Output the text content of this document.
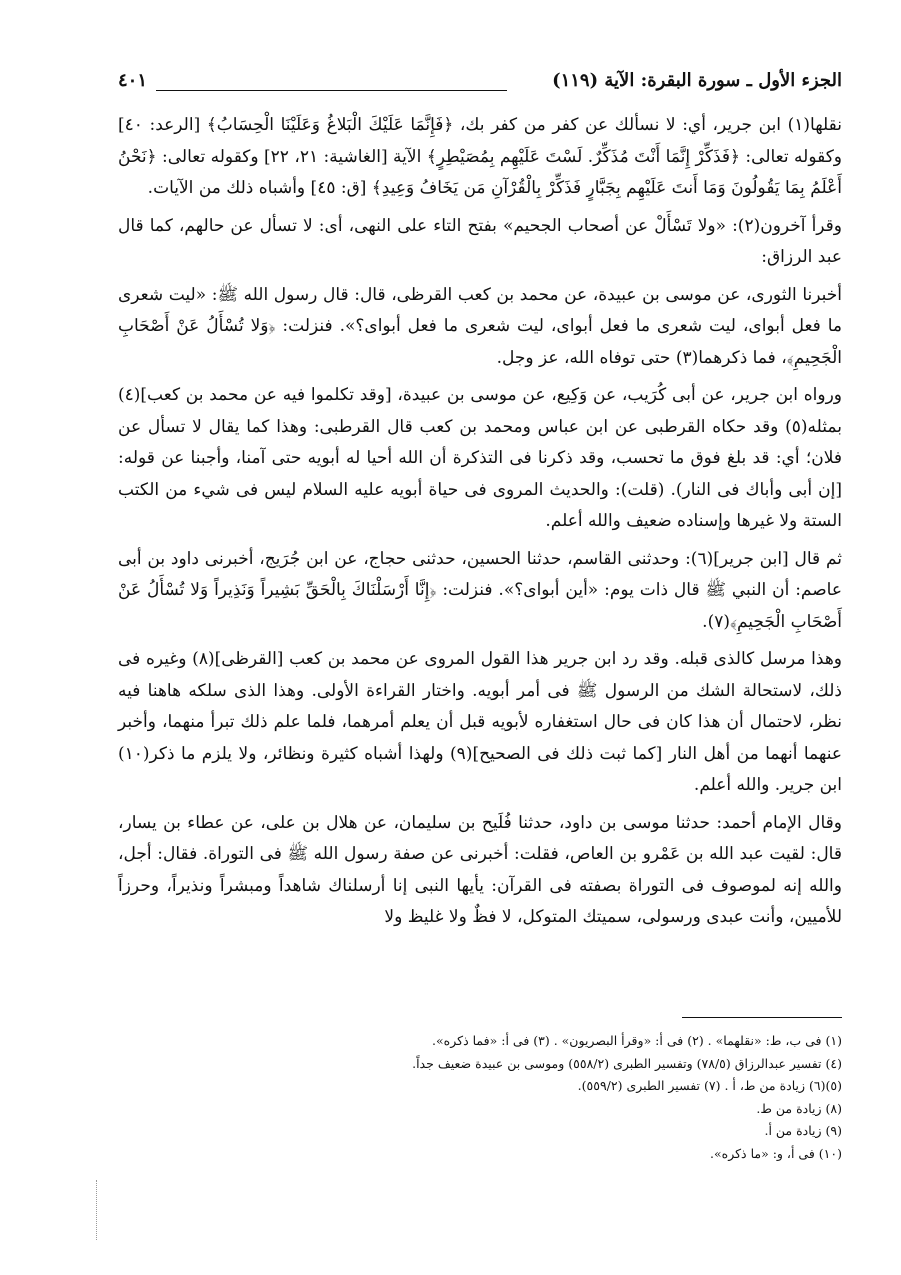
الجزء الأول ـ سورة البقرة: الآية (١١٩)
٤٠١

نقلها(١) ابن جرير، أي: لا نسألك عن كفر من كفر بك، ﴿فَإِنَّمَا عَلَيْكَ الْبَلاغُ وَعَلَيْنَا الْحِسَابُ﴾ [الرعد: ٤٠] وكقوله تعالى: ﴿فَذَكِّرْ إِنَّمَا أَنْتَ مُذَكِّرٌ. لَسْتَ عَلَيْهِم بِمُصَيْطِرٍ﴾ الآية [الغاشية: ٢١، ٢٢] وكقوله تعالى: ﴿نَحْنُ أَعْلَمُ بِمَا يَقُولُونَ وَمَا أَنتَ عَلَيْهِم بِجَبَّارٍ فَذَكِّرْ بِالْقُرْآنِ مَن يَخَافُ وَعِيدِ﴾ [ق: ٤٥] وأشباه ذلك من الآيات.

وقرأ آخرون(٢): «ولا تَسْأَلْ عن أصحاب الجحيم» بفتح التاء على النهى، أى: لا تسأل عن حالهم، كما قال عبد الرزاق:

أخبرنا الثورى، عن موسى بن عبيدة، عن محمد بن كعب القرظى، قال: قال رسول الله ﷺ: «ليت شعرى ما فعل أبواى، ليت شعرى ما فعل أبواى، ليت شعرى ما فعل أبواى؟». فنزلت: ﴿وَلا تُسْأَلُ عَنْ أَصْحَابِ الْجَحِيمِ﴾، فما ذكرهما(٣) حتى توفاه الله، عز وجل.

ورواه ابن جرير، عن أبى كُرَيب، عن وَكِيع، عن موسى بن عبيدة، [وقد تكلموا فيه عن محمد بن كعب](٤) بمثله(٥) وقد حكاه القرطبى عن ابن عباس ومحمد بن كعب قال القرطبى: وهذا كما يقال لا تسأل عن فلان؛ أي: قد بلغ فوق ما تحسب، وقد ذكرنا فى التذكرة أن الله أحيا له أبويه حتى آمنا، وأجبنا عن قوله: [إن أبى وأباك فى النار). (قلت): والحديث المروى فى حياة أبويه عليه السلام ليس فى شيء من الكتب الستة ولا غيرها وإسناده ضعيف والله أعلم.

ثم قال [ابن جرير](٦): وحدثنى القاسم، حدثنا الحسين، حدثنى حجاج، عن ابن جُرَيج، أخبرنى داود بن أبى عاصم: أن النبي ﷺ قال ذات يوم: «أين أبواى؟». فنزلت: ﴿إِنَّا أَرْسَلْنَاكَ بِالْحَقِّ بَشِيراً وَنَذِيراً وَلا تُسْأَلُ عَنْ أَصْحَابِ الْجَحِيمِ﴾(٧).

وهذا مرسل كالذى قبله. وقد رد ابن جرير هذا القول المروى عن محمد بن كعب [القرظى](٨) وغيره فى ذلك، لاستحالة الشك من الرسول ﷺ فى أمر أبويه. واختار القراءة الأولى. وهذا الذى سلكه هاهنا فيه نظر، لاحتمال أن هذا كان فى حال استغفاره لأبويه قبل أن يعلم أمرهما، فلما علم ذلك تبرأ منهما، وأخبر عنهما أنهما من أهل النار [كما ثبت ذلك فى الصحيح](٩) ولهذا أشباه كثيرة ونظائر، ولا يلزم ما ذكر(١٠) ابن جرير. والله أعلم.

وقال الإمام أحمد: حدثنا موسى بن داود، حدثنا فُلَيح بن سليمان، عن هلال بن على، عن عطاء بن يسار، قال: لقيت عبد الله بن عَمْرو بن العاص، فقلت: أخبرنى عن صفة رسول الله ﷺ فى التوراة. فقال: أجل، والله إنه لموصوف فى التوراة بصفته فى القرآن: يأيها النبى إنا أرسلناك شاهداً ومبشراً ونذيراً، وحرزاً للأميين، وأنت عبدى ورسولى، سميتك المتوكل، لا فظٌ ولا غليظ ولا

(١) فى ب، ط: «نقلهما» . (٢) فى أ: «وقرأ البصريون» . (٣) فى أ: «فما ذكره».
(٤) تفسير عبدالرزاق (٧٨/٥) وتفسير الطبرى (٥٥٨/٢) وموسى بن عبيدة ضعيف جداً.
(٥)(٦) زيادة من ط، أ . (٧) تفسير الطبرى (٥٥٩/٢).
(٨) زيادة من ط.
(٩) زيادة من أ.
(١٠) فى أ، و: «ما ذكره».
